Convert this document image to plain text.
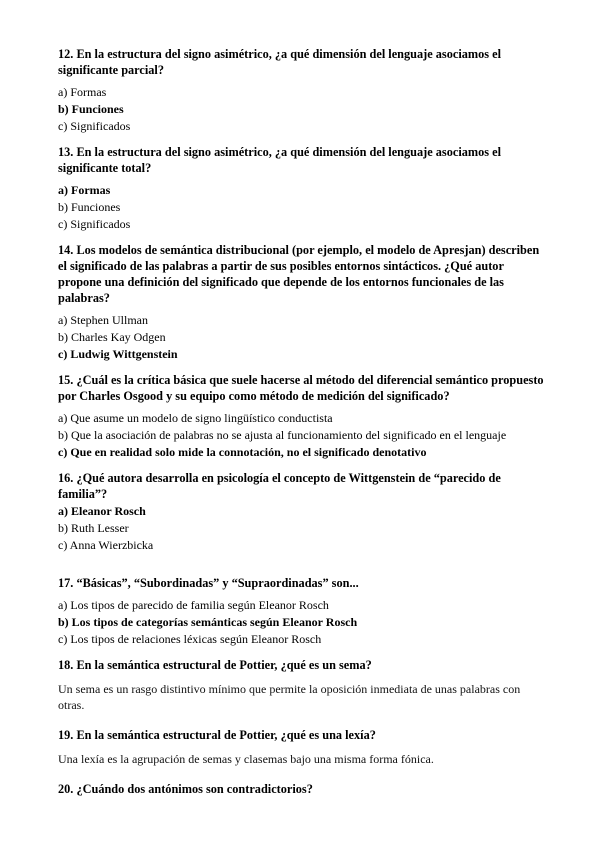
12. En la estructura del signo asimétrico, ¿a qué dimensión del lenguaje asociamos el significante parcial?

a) Formas

b) Funciones

c) Significados

13. En la estructura del signo asimétrico, ¿a qué dimensión del lenguaje asociamos el significante total?

a) Formas

b) Funciones

c) Significados

14. Los modelos de semántica distribucional (por ejemplo, el modelo de Apresjan) describen el significado de las palabras a partir de sus posibles entornos sintácticos. ¿Qué autor propone una definición del significado que depende de los entornos funcionales de las palabras?

a) Stephen Ullman

b) Charles Kay Odgen

c) Ludwig Wittgenstein

15. ¿Cuál es la crítica básica que suele hacerse al método del diferencial semántico propuesto por Charles Osgood y su equipo como método de medición del significado?

a) Que asume un modelo de signo lingüístico conductista

b) Que la asociación de palabras no se ajusta al funcionamiento del significado en el lenguaje

c) Que en realidad solo mide la connotación, no el significado denotativo

16. ¿Qué autora desarrolla en psicología el concepto de Wittgenstein de “parecido de familia”?

a) Eleanor Rosch

b) Ruth Lesser

c) Anna Wierzbicka

17. “Básicas”, “Subordinadas” y “Supraordinadas” son...

a) Los tipos de parecido de familia según Eleanor Rosch

b) Los tipos de categorías semánticas según Eleanor Rosch

c) Los tipos de relaciones léxicas según Eleanor Rosch

18. En la semántica estructural de Pottier, ¿qué es un sema?

Un sema es un rasgo distintivo mínimo que permite la oposición inmediata de unas palabras con otras.

19. En la semántica estructural de Pottier, ¿qué es una lexía?

Una lexía es la agrupación de semas y clasemas bajo una misma forma fónica.

20. ¿Cuándo dos antónimos son contradictorios?
